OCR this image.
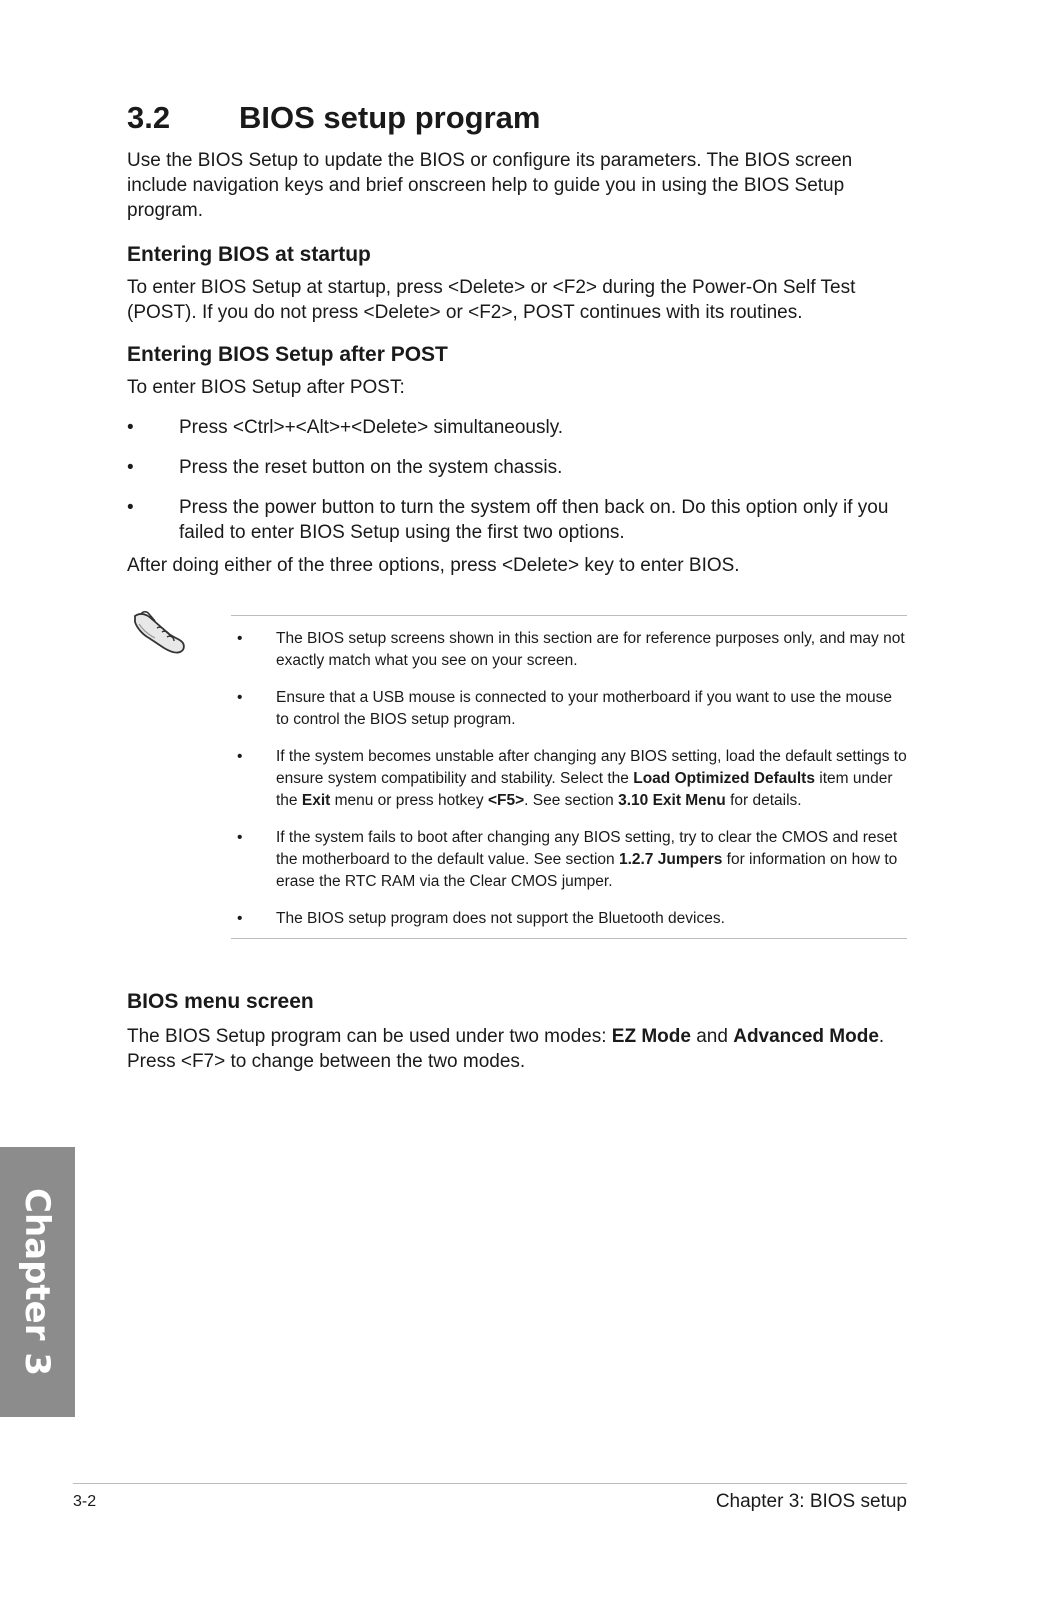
3.2	BIOS setup program

Use the BIOS Setup to update the BIOS or configure its parameters. The BIOS screen include navigation keys and brief onscreen help to guide you in using the BIOS Setup program.

Entering BIOS at startup

To enter BIOS Setup at startup, press <Delete> or <F2> during the Power-On Self Test (POST). If you do not press <Delete> or <F2>, POST continues with its routines.

Entering BIOS Setup after POST

To enter BIOS Setup after POST:

•	Press <Ctrl>+<Alt>+<Delete> simultaneously.
•	Press the reset button on the system chassis.
•	Press the power button to turn the system off then back on. Do this option only if you failed to enter BIOS Setup using the first two options.

After doing either of the three options, press <Delete> key to enter BIOS.

•	The BIOS setup screens shown in this section are for reference purposes only, and may not exactly match what you see on your screen.
•	Ensure that a USB mouse is connected to your motherboard if you want to use the mouse to control the BIOS setup program.
•	If the system becomes unstable after changing any BIOS setting, load the default settings to ensure system compatibility and stability. Select the Load Optimized Defaults item under the Exit menu or press hotkey <F5>. See section 3.10 Exit Menu for details.
•	If the system fails to boot after changing any BIOS setting, try to clear the CMOS and reset the motherboard to the default value. See section 1.2.7 Jumpers for information on how to erase the RTC RAM via the Clear CMOS jumper.
•	The BIOS setup program does not support the Bluetooth devices.
BIOS menu screen

The BIOS Setup program can be used under two modes: EZ Mode and Advanced Mode. Press <F7> to change between the two modes.

Chapter 3
3-2	Chapter 3: BIOS setup
